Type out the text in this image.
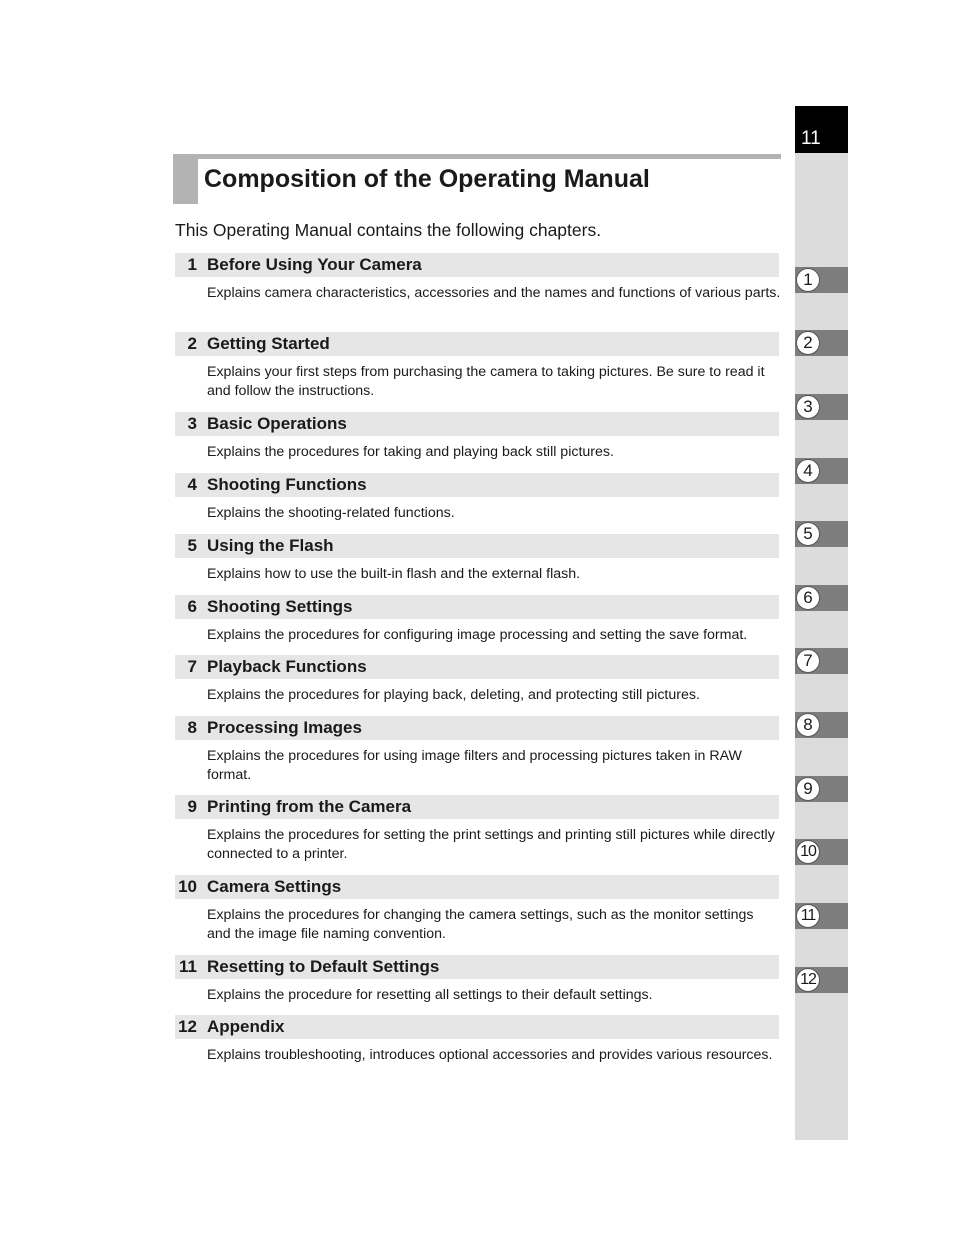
Composition of the Operating Manual

This Operating Manual contains the following chapters.

1 Before Using Your Camera
Explains camera characteristics, accessories and the names and functions of various parts.
2 Getting Started
Explains your first steps from purchasing the camera to taking pictures. Be sure to read it and follow the instructions.
3 Basic Operations
Explains the procedures for taking and playing back still pictures.
4 Shooting Functions
Explains the shooting-related functions.
5 Using the Flash
Explains how to use the built-in flash and the external flash.
6 Shooting Settings
Explains the procedures for configuring image processing and setting the save format.
7 Playback Functions
Explains the procedures for playing back, deleting, and protecting still pictures.
8 Processing Images
Explains the procedures for using image filters and processing pictures taken in RAW format.
9 Printing from the Camera
Explains the procedures for setting the print settings and printing still pictures while directly connected to a printer.
10 Camera Settings
Explains the procedures for changing the camera settings, such as the monitor settings and the image file naming convention.
11 Resetting to Default Settings
Explains the procedure for resetting all settings to their default settings.
12 Appendix
Explains troubleshooting, introduces optional accessories and provides various resources.
11
1
2
3
4
5
6
7
8
9
10
11
12
